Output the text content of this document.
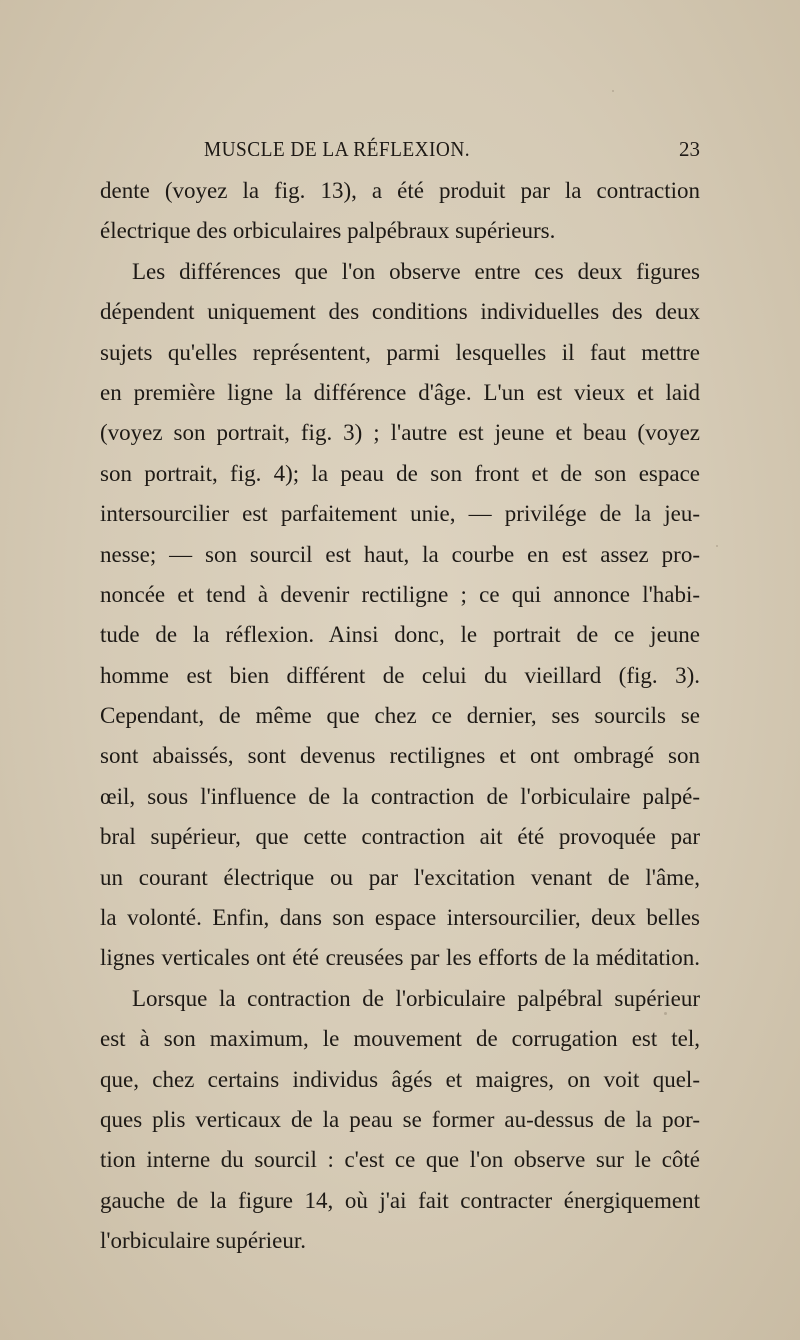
MUSCLE DE LA RÉFLEXION.	23
dente (voyez la fig. 13), a été produit par la contraction
électrique des orbiculaires palpébraux supérieurs.
Les différences que l'on observe entre ces deux figures
dépendent uniquement des conditions individuelles des deux
sujets qu'elles représentent, parmi lesquelles il faut mettre
en première ligne la différence d'âge. L'un est vieux et laid
(voyez son portrait, fig. 3) ; l'autre est jeune et beau (voyez
son portrait, fig. 4); la peau de son front et de son espace
intersourcilier est parfaitement unie, — privilége de la jeu-
nesse; — son sourcil est haut, la courbe en est assez pro-
noncée et tend à devenir rectiligne ; ce qui annonce l'habi-
tude de la réflexion. Ainsi donc, le portrait de ce jeune
homme est bien différent de celui du vieillard (fig. 3).
Cependant, de même que chez ce dernier, ses sourcils se
sont abaissés, sont devenus rectilignes et ont ombragé son
œil, sous l'influence de la contraction de l'orbiculaire palpé-
bral supérieur, que cette contraction ait été provoquée par
un courant électrique ou par l'excitation venant de l'âme,
la volonté. Enfin, dans son espace intersourcilier, deux belles
lignes verticales ont été creusées par les efforts de la méditation.
Lorsque la contraction de l'orbiculaire palpébral supérieur
est à son maximum, le mouvement de corrugation est tel,
que, chez certains individus âgés et maigres, on voit quel-
ques plis verticaux de la peau se former au-dessus de la por-
tion interne du sourcil : c'est ce que l'on observe sur le côté
gauche de la figure 14, où j'ai fait contracter énergiquement
l'orbiculaire supérieur.
